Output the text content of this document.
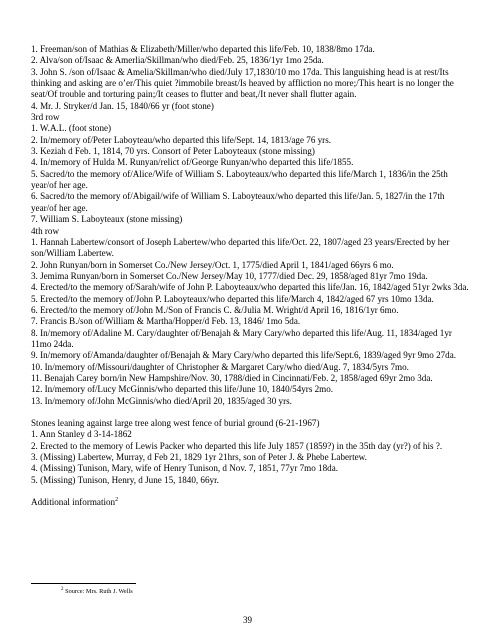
1. Freeman/son of Mathias & Elizabeth/Miller/who departed this life/Feb. 10, 1838/8mo 17da.
2. Alva/son of/Isaac & Amerlia/Skillman/who died/Feb. 25, 1836/1yr 1mo 25da.
3. John S. /son of/Isaac & Amelia/Skillman/who died/July 17,1830/10 mo 17da. This languishing head is at rest/Its thinking and asking are o’er/This quiet ?immobile breast/Is heaved by affliction no more;/This heart is no longer the seat/Of trouble and torturing pain;/It ceases to flutter and beat,/It never shall flutter again.
4. Mr. J. Stryker/d Jan. 15, 1840/66 yr (foot stone)
3rd row
1. W.A.L. (foot stone)
2. In/memory of/Peter Laboyteau/who departed this life/Sept. 14, 1813/age 76 yrs.
3. Keziah d Feb. 1, 1814, 70 yrs. Consort of Peter Laboyteaux (stone missing)
4. In/memory of Hulda M. Runyan/relict of/George Runyan/who departed this life/1855.
5. Sacred/to the memory of/Alice/Wife of William S. Laboyteaux/who departed this life/March 1, 1836/in the 25th year/of her age.
6. Sacred/to the memory of/Abigail/wife of William S. Laboyteaux/who departed this life/Jan. 5, 1827/in the 17th year/of her age.
7. William S. Laboyteaux (stone missing)
4th row
1. Hannah Labertew/consort of Joseph Labertew/who departed this life/Oct. 22, 1807/aged 23 years/Erected by her son/William Labertew.
2. John Runyan/born in Somerset Co./New Jersey/Oct. 1, 1775/died April 1, 1841/aged 66yrs 6 mo.
3. Jemima Runyan/born in Somerset Co./New Jersey/May 10, 1777/died Dec. 29, 1858/aged 81yr 7mo 19da.
4. Erected/to the memory of/Sarah/wife of John P. Laboyteaux/who departed this life/Jan. 16, 1842/aged 51yr 2wks 3da.
5. Erected/to the memory of/John P. Laboyteaux/who departed this life/March 4, 1842/aged 67 yrs 10mo 13da.
6. Erected/to the memory of/John M./Son of Francis C. &/Julia M. Wright/d April 16, 1816/1yr 6mo.
7. Francis B./son of/William & Martha/Hopper/d Feb. 13, 1846/ 1mo 5da.
8. In/memory of/Adaline M. Cary/daughter of/Benajah & Mary Cary/who departed this life/Aug. 11, 1834/aged 1yr 11mo 24da.
9. In/memory of/Amanda/daughter of/Benajah & Mary Cary/who departed this life/Sept.6, 1839/aged 9yr 9mo 27da.
10. In/memory of/Missouri/daughter of Christopher & Margaret Cary/who died/Aug. 7, 1834/5yrs 7mo.
11. Benajah Carey born/in New Hampshire/Nov. 30, 1788/died in Cincinnati/Feb. 2, 1858/aged 69yr 2mo 3da.
12. In/memory of/Lucy McGinnis/who departed this life/June 10, 1840/54yrs 2mo.
13. In/memory of/John McGinnis/who died/April 20, 1835/aged 30 yrs.
Stones leaning against large tree along west fence of burial ground (6-21-1967)
1. Ann Stanley d 3-14-1862
2. Erected to the memory of Lewis Packer who departed this life July 1857 (1859?) in the 35th day (yr?) of his ?.
3. (Missing) Labertew, Murray, d Feb 21, 1829 1yr 21hrs, son of Peter J. & Phebe Labertew.
4. (Missing) Tunison, Mary, wife of Henry Tunison, d Nov. 7, 1851, 77yr 7mo 18da.
5. (Missing) Tunison, Henry, d June 15, 1840, 66yr.
Additional information$^2$
$^2$ Source: Mrs. Ruth J. Wells
39
